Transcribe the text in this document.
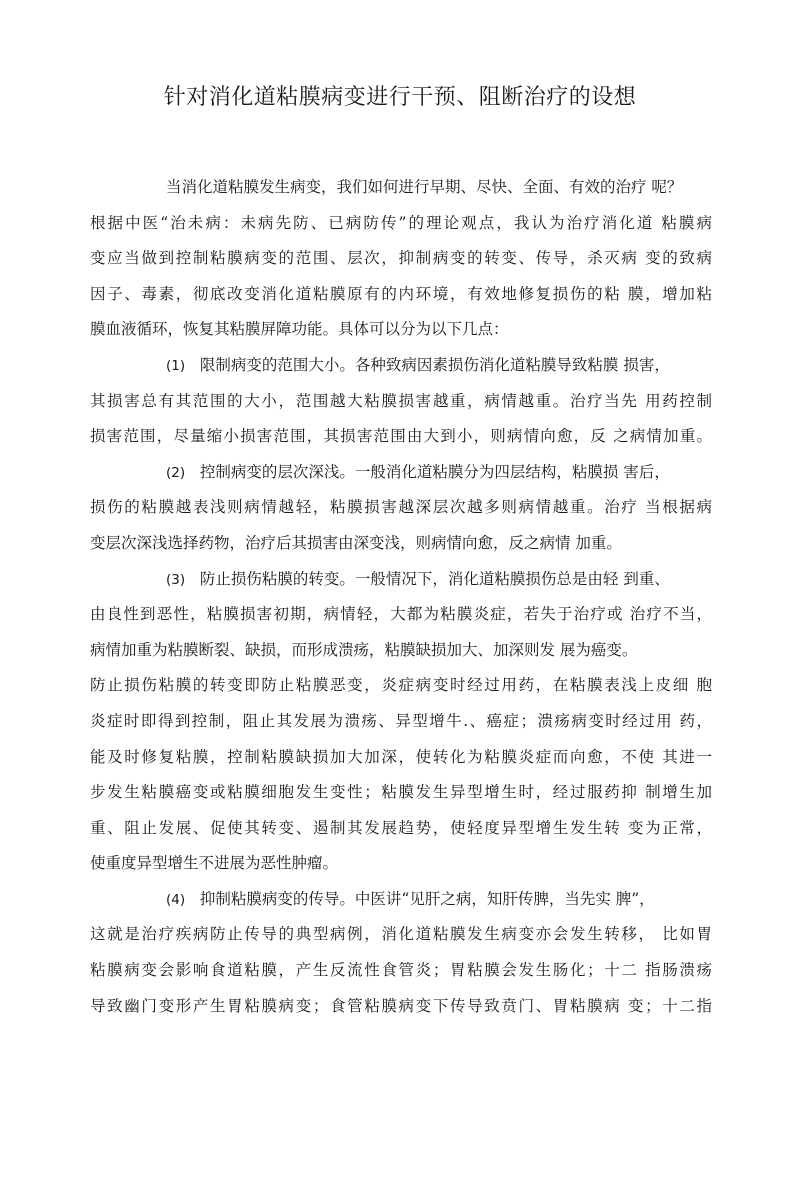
针对消化道粘膜病变进行干预、阻断治疗的设想
当消化道粘膜发生病变，我们如何进行早期、尽快、全面、有效的治疗 呢？
根据中医“治未病：未病先防、已病防传”的理论观点，我认为治疗消化道 粘膜病
变应当做到控制粘膜病变的范围、层次，抑制病变的转变、传导，杀灭病 变的致病
因子、毒素，彻底改变消化道粘膜原有的内环境，有效地修复损伤的粘 膜，增加粘
膜血液循环，恢复其粘膜屏障功能。具体可以分为以下几点：
(1) 限制病变的范围大小。各种致病因素损伤消化道粘膜导致粘膜 损害，
其损害总有其范围的大小，范围越大粘膜损害越重，病情越重。治疗当先 用药控制
损害范围，尽量缩小损害范围，其损害范围由大到小，则病情向愈，反 之病情加重。
(2) 控制病变的层次深浅。一般消化道粘膜分为四层结构，粘膜损 害后，
损伤的粘膜越表浅则病情越轻，粘膜损害越深层次越多则病情越重。治疗 当根据病
变层次深浅选择药物，治疗后其损害由深变浅，则病情向愈，反之病情 加重。
(3) 防止损伤粘膜的转变。一般情况下，消化道粘膜损伤总是由轻 到重、
由良性到恶性，粘膜损害初期，病情轻，大都为粘膜炎症，若失于治疗或 治疗不当，
病情加重为粘膜断裂、缺损，而形成溃疡，粘膜缺损加大、加深则发 展为癌变。
防止损伤粘膜的转变即防止粘膜恶变，炎症病变时经过用药，在粘膜表浅上皮细 胞
炎症时即得到控制，阻止其发展为溃疡、异型增牛.、癌症；溃疡病变时经过用 药，
能及时修复粘膜，控制粘膜缺损加大加深，使转化为粘膜炎症而向愈，不使 其进一
步发生粘膜癌变或粘膜细胞发生变性；粘膜发生异型增生时，经过服药抑 制增生加
重、阻止发展、促使其转变、遏制其发展趋势，使轻度异型增生发生转 变为正常，
使重度异型增生不进展为恶性肿瘤。
(4) 抑制粘膜病变的传导。中医讲“见肝之病，知肝传脾，当先实 脾”，
这就是治疗疾病防止传导的典型病例，消化道粘膜发生病变亦会发生转移， 比如胃
粘膜病变会影响食道粘膜，产生反流性食管炎；胃粘膜会发生肠化；十二 指肠溃疡
导致幽门变形产生胃粘膜病变；食管粘膜病变下传导致贲门、胃粘膜病 变；十二指
